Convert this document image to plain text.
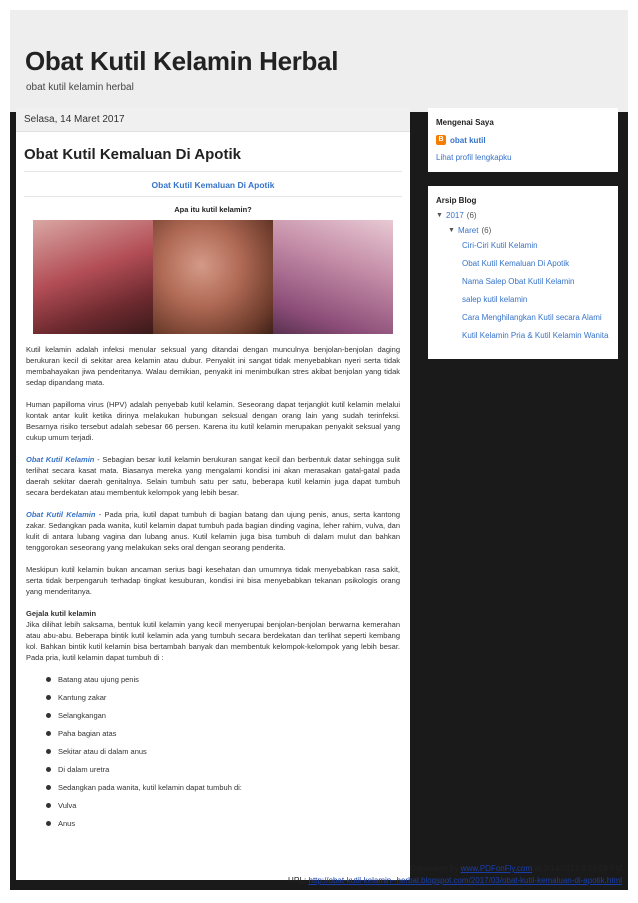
Obat Kutil Kelamin Herbal
obat kutil kelamin herbal
Selasa, 14 Maret 2017
Obat Kutil Kemaluan Di Apotik
Obat Kutil Kemaluan Di Apotik
Apa itu kutil kelamin?

Kutil kelamin adalah infeksi menular seksual yang ditandai dengan munculnya benjolan-benjolan daging berukuran kecil di sekitar area kelamin atau dubur. Penyakit ini sangat tidak menyebabkan nyeri serta tidak membahayakan jiwa penderitanya. Walau demikian, penyakit ini menimbulkan stres akibat benjolan yang tidak sedap dipandang mata.

Human papilloma virus (HPV) adalah penyebab kutil kelamin. Seseorang dapat terjangkit kutil kelamin melalui kontak antar kulit ketika dirinya melakukan hubungan seksual dengan orang lain yang sudah terinfeksi. Besarnya risiko tersebut adalah sebesar 66 persen. Karena itu kutil kelamin merupakan penyakit seksual yang cukup umum terjadi.

Obat Kutil Kelamin - Sebagian besar kutil kelamin berukuran sangat kecil dan berbentuk datar sehingga sulit terlihat secara kasat mata. Biasanya mereka yang mengalami kondisi ini akan merasakan gatal-gatal pada daerah sekitar daerah genitalnya. Selain tumbuh satu per satu, beberapa kutil kelamin juga dapat tumbuh secara berdekatan atau membentuk kelompok yang lebih besar.

Obat Kutil Kelamin - Pada pria, kutil dapat tumbuh di bagian batang dan ujung penis, anus, serta kantong zakar. Sedangkan pada wanita, kutil kelamin dapat tumbuh pada bagian dinding vagina, leher rahim, vulva, dan kulit di antara lubang vagina dan lubang anus. Kutil kelamin juga bisa tumbuh di dalam mulut dan bahkan tenggorokan seseorang yang melakukan seks oral dengan seorang penderita.

Meskipun kutil kelamin bukan ancaman serius bagi kesehatan dan umumnya tidak menyebabkan rasa sakit, serta tidak berpengaruh terhadap tingkat kesuburan, kondisi ini bisa menyebabkan tekanan psikologis orang yang menderitanya.

Gejala kutil kelamin
Jika dilihat lebih saksama, bentuk kutil kelamin yang kecil menyerupai benjolan-benjolan berwarna kemerahan atau abu-abu. Beberapa bintik kutil kelamin ada yang tumbuh secara berdekatan dan terlihat seperti kembang kol. Bahkan bintik kutil kelamin bisa bertambah banyak dan membentuk kelompok-kelompok yang lebih besar. Pada pria, kutil kelamin dapat tumbuh di :

Batang atau ujung penis
Kantung zakar
Selangkangan
Paha bagian atas
Sekitar atau di dalam anus
Di dalam uretra
Sedangkan pada wanita, kutil kelamin dapat tumbuh di:
Vulva
Anus
Mengenai Saya
B obat kutil
Lihat profil lengkapku
Arsip Blog
▼ 2017 (6)
▼ Maret (6)
Ciri-Ciri Kutil Kelamin
Obat Kutil Kemaluan Di Apotik
Nama Salep Obat Kutil Kelamin
salep kutil kelamin
Cara Menghilangkan Kutil secara Alami
Kutil Kelamin Pria & Kutil Kelamin Wanita
Generated by www.PDFonFly.com at 3/14/2017 8:56:58 PM
URL: http://obat-kutil-kelamin--herbal.blogspot.com/2017/03/obat-kutil-kemaluan-di-apotik.html
